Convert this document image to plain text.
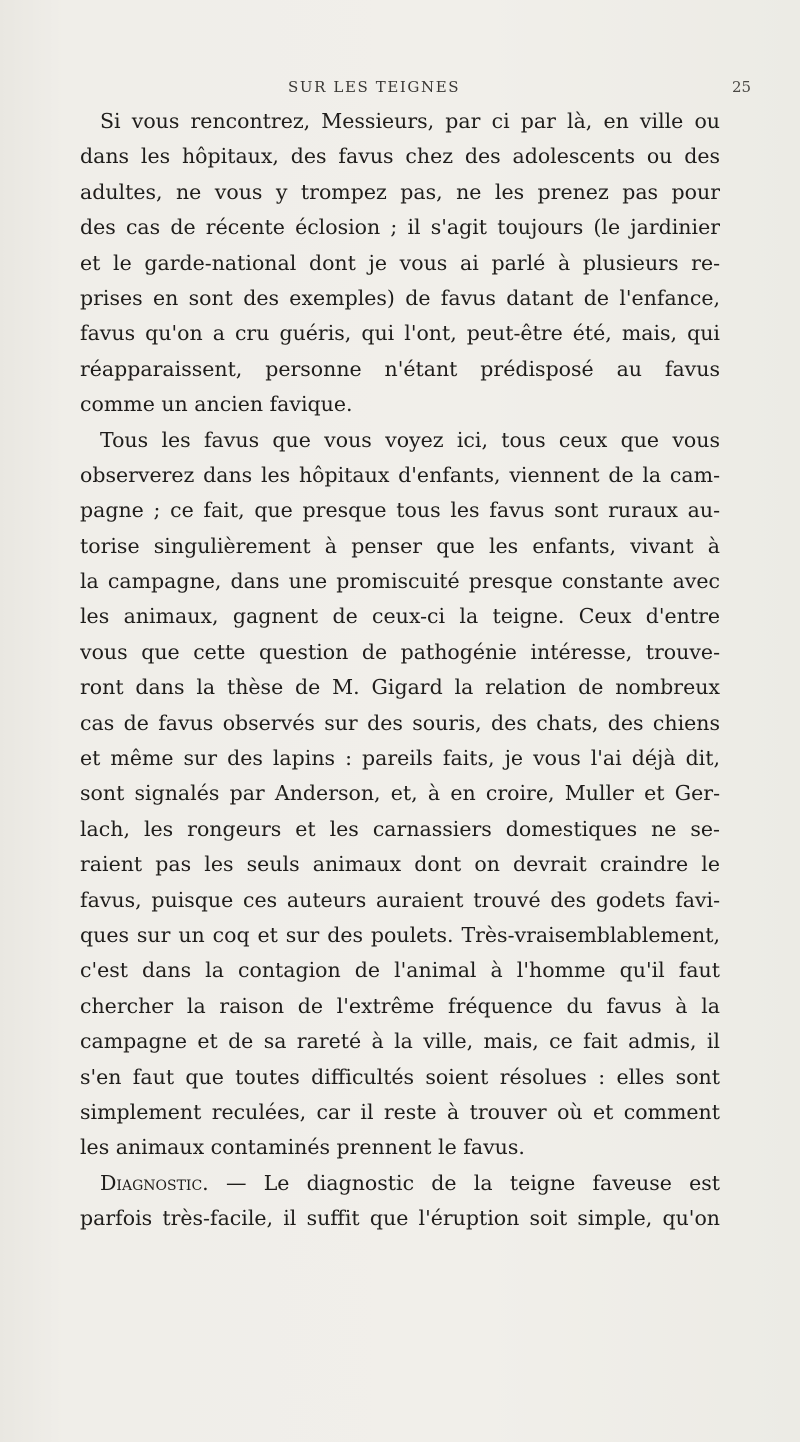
SUR LES TEIGNES	25
Si vous rencontrez, Messieurs, par ci par là, en ville ou
dans les hôpitaux, des favus chez des adolescents ou des
adultes, ne vous y trompez pas, ne les prenez pas pour
des cas de récente éclosion ; il s'agit toujours (le jardinier
et le garde-national dont je vous ai parlé à plusieurs re-
prises en sont des exemples) de favus datant de l'enfance,
favus qu'on a cru guéris, qui l'ont, peut-être été, mais, qui
réapparaissent, personne n'étant prédisposé au favus
comme un ancien favique.
Tous les favus que vous voyez ici, tous ceux que vous
observerez dans les hôpitaux d'enfants, viennent de la cam-
pagne ; ce fait, que presque tous les favus sont ruraux au-
torise singulièrement à penser que les enfants, vivant à
la campagne, dans une promiscuité presque constante avec
les animaux, gagnent de ceux-ci la teigne. Ceux d'entre
vous que cette question de pathogénie intéresse, trouve-
ront dans la thèse de M. Gigard la relation de nombreux
cas de favus observés sur des souris, des chats, des chiens
et même sur des lapins : pareils faits, je vous l'ai déjà dit,
sont signalés par Anderson, et, à en croire, Muller et Ger-
lach, les rongeurs et les carnassiers domestiques ne se-
raient pas les seuls animaux dont on devrait craindre le
favus, puisque ces auteurs auraient trouvé des godets favi-
ques sur un coq et sur des poulets. Très-vraisemblablement,
c'est dans la contagion de l'animal à l'homme qu'il faut
chercher la raison de l'extrême fréquence du favus à la
campagne et de sa rareté à la ville, mais, ce fait admis, il
s'en faut que toutes difficultés soient résolues : elles sont
simplement reculées, car il reste à trouver où et comment
les animaux contaminés prennent le favus.
Diagnostic. — Le diagnostic de la teigne faveuse est
parfois très-facile, il suffit que l'éruption soit simple, qu'on
